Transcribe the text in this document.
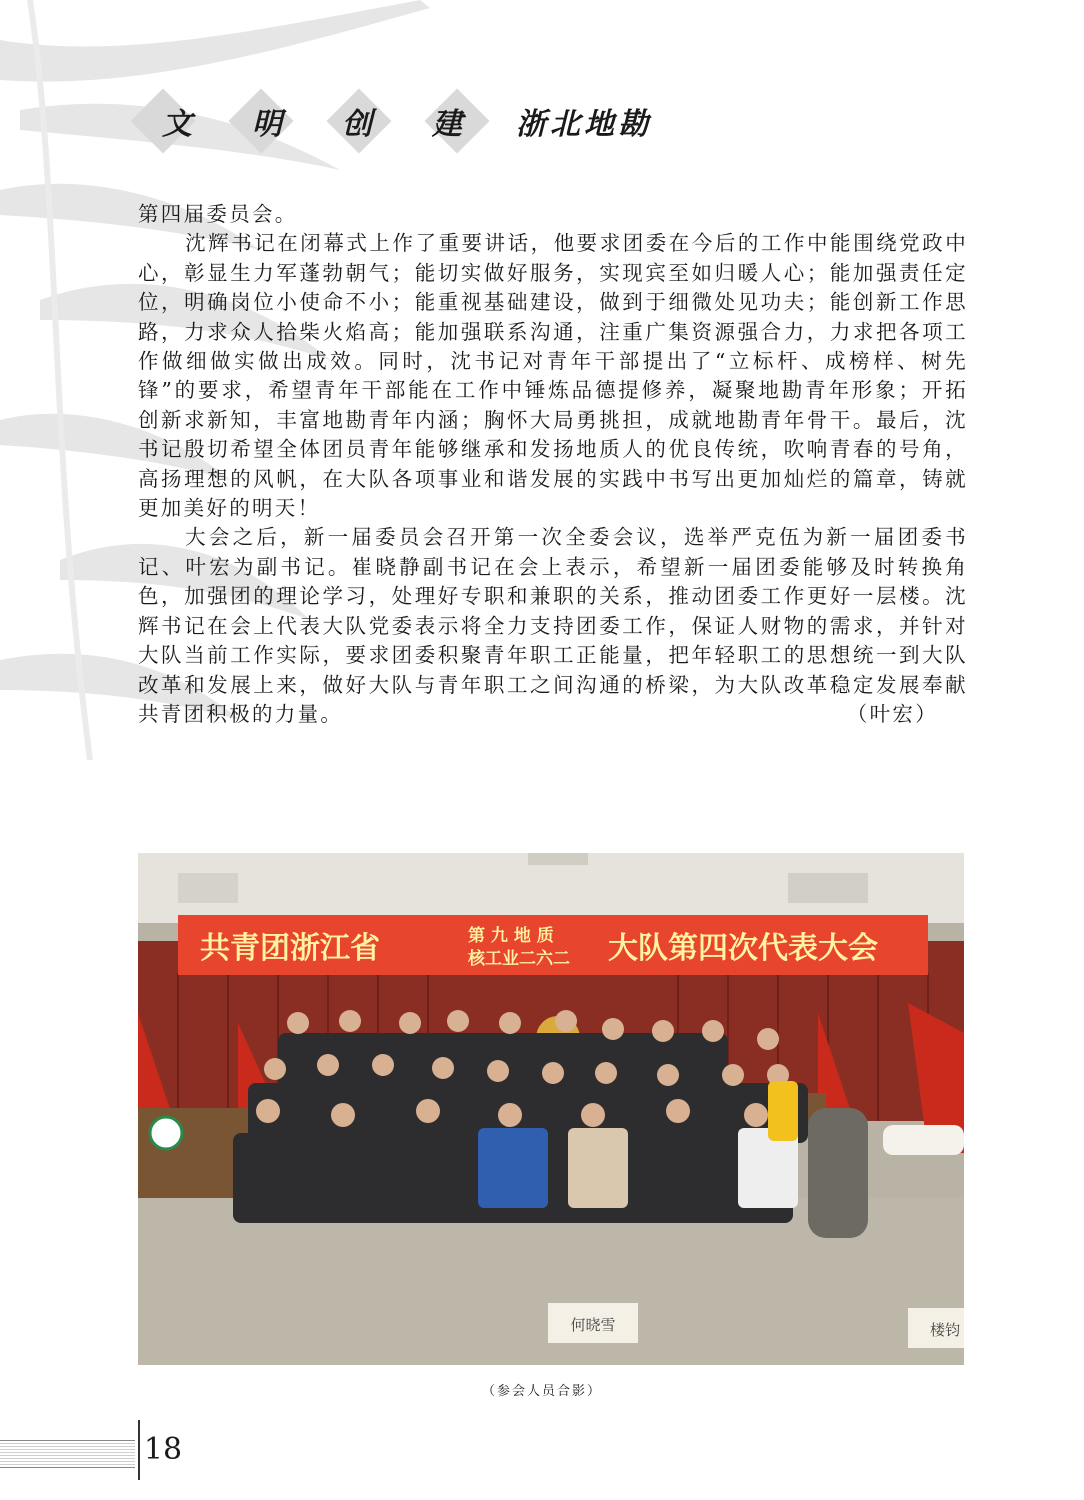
文 明 创 建 浙北地勘

第四届委员会。

沈辉书记在闭幕式上作了重要讲话，他要求团委在今后的工作中能围绕党政中心，彰显生力军蓬勃朝气；能切实做好服务，实现宾至如归暖人心；能加强责任定位，明确岗位小使命不小；能重视基础建设，做到于细微处见功夫；能创新工作思路，力求众人拾柴火焰高；能加强联系沟通，注重广集资源强合力，力求把各项工作做细做实做出成效。同时，沈书记对青年干部提出了“立标杆、成榜样、树先锋”的要求，希望青年干部能在工作中锤炼品德提修养，凝聚地勘青年形象；开拓创新求新知，丰富地勘青年内涵；胸怀大局勇挑担，成就地勘青年骨干。最后，沈书记殷切希望全体团员青年能够继承和发扬地质人的优良传统，吹响青春的号角，高扬理想的风帆，在大队各项事业和谐发展的实践中书写出更加灿烂的篇章，铸就更加美好的明天！

大会之后，新一届委员会召开第一次全委会议，选举严克伍为新一届团委书记、叶宏为副书记。崔晓静副书记在会上表示，希望新一届团委能够及时转换角色，加强团的理论学习，处理好专职和兼职的关系，推动团委工作更好一层楼。沈辉书记在会上代表大队党委表示将全力支持团委工作，保证人财物的需求，并针对大队当前工作实际，要求团委积聚青年职工正能量，把年轻职工的思想统一到大队改革和发展上来，做好大队与青年职工之间沟通的桥梁，为大队改革稳定发展奉献共青团积极的力量。	（叶宏）

共青团浙江省	第 九 地 质
核工业二六二 大队第四次代表大会
何晓雪	楼钧
（参会人员合影）
18
